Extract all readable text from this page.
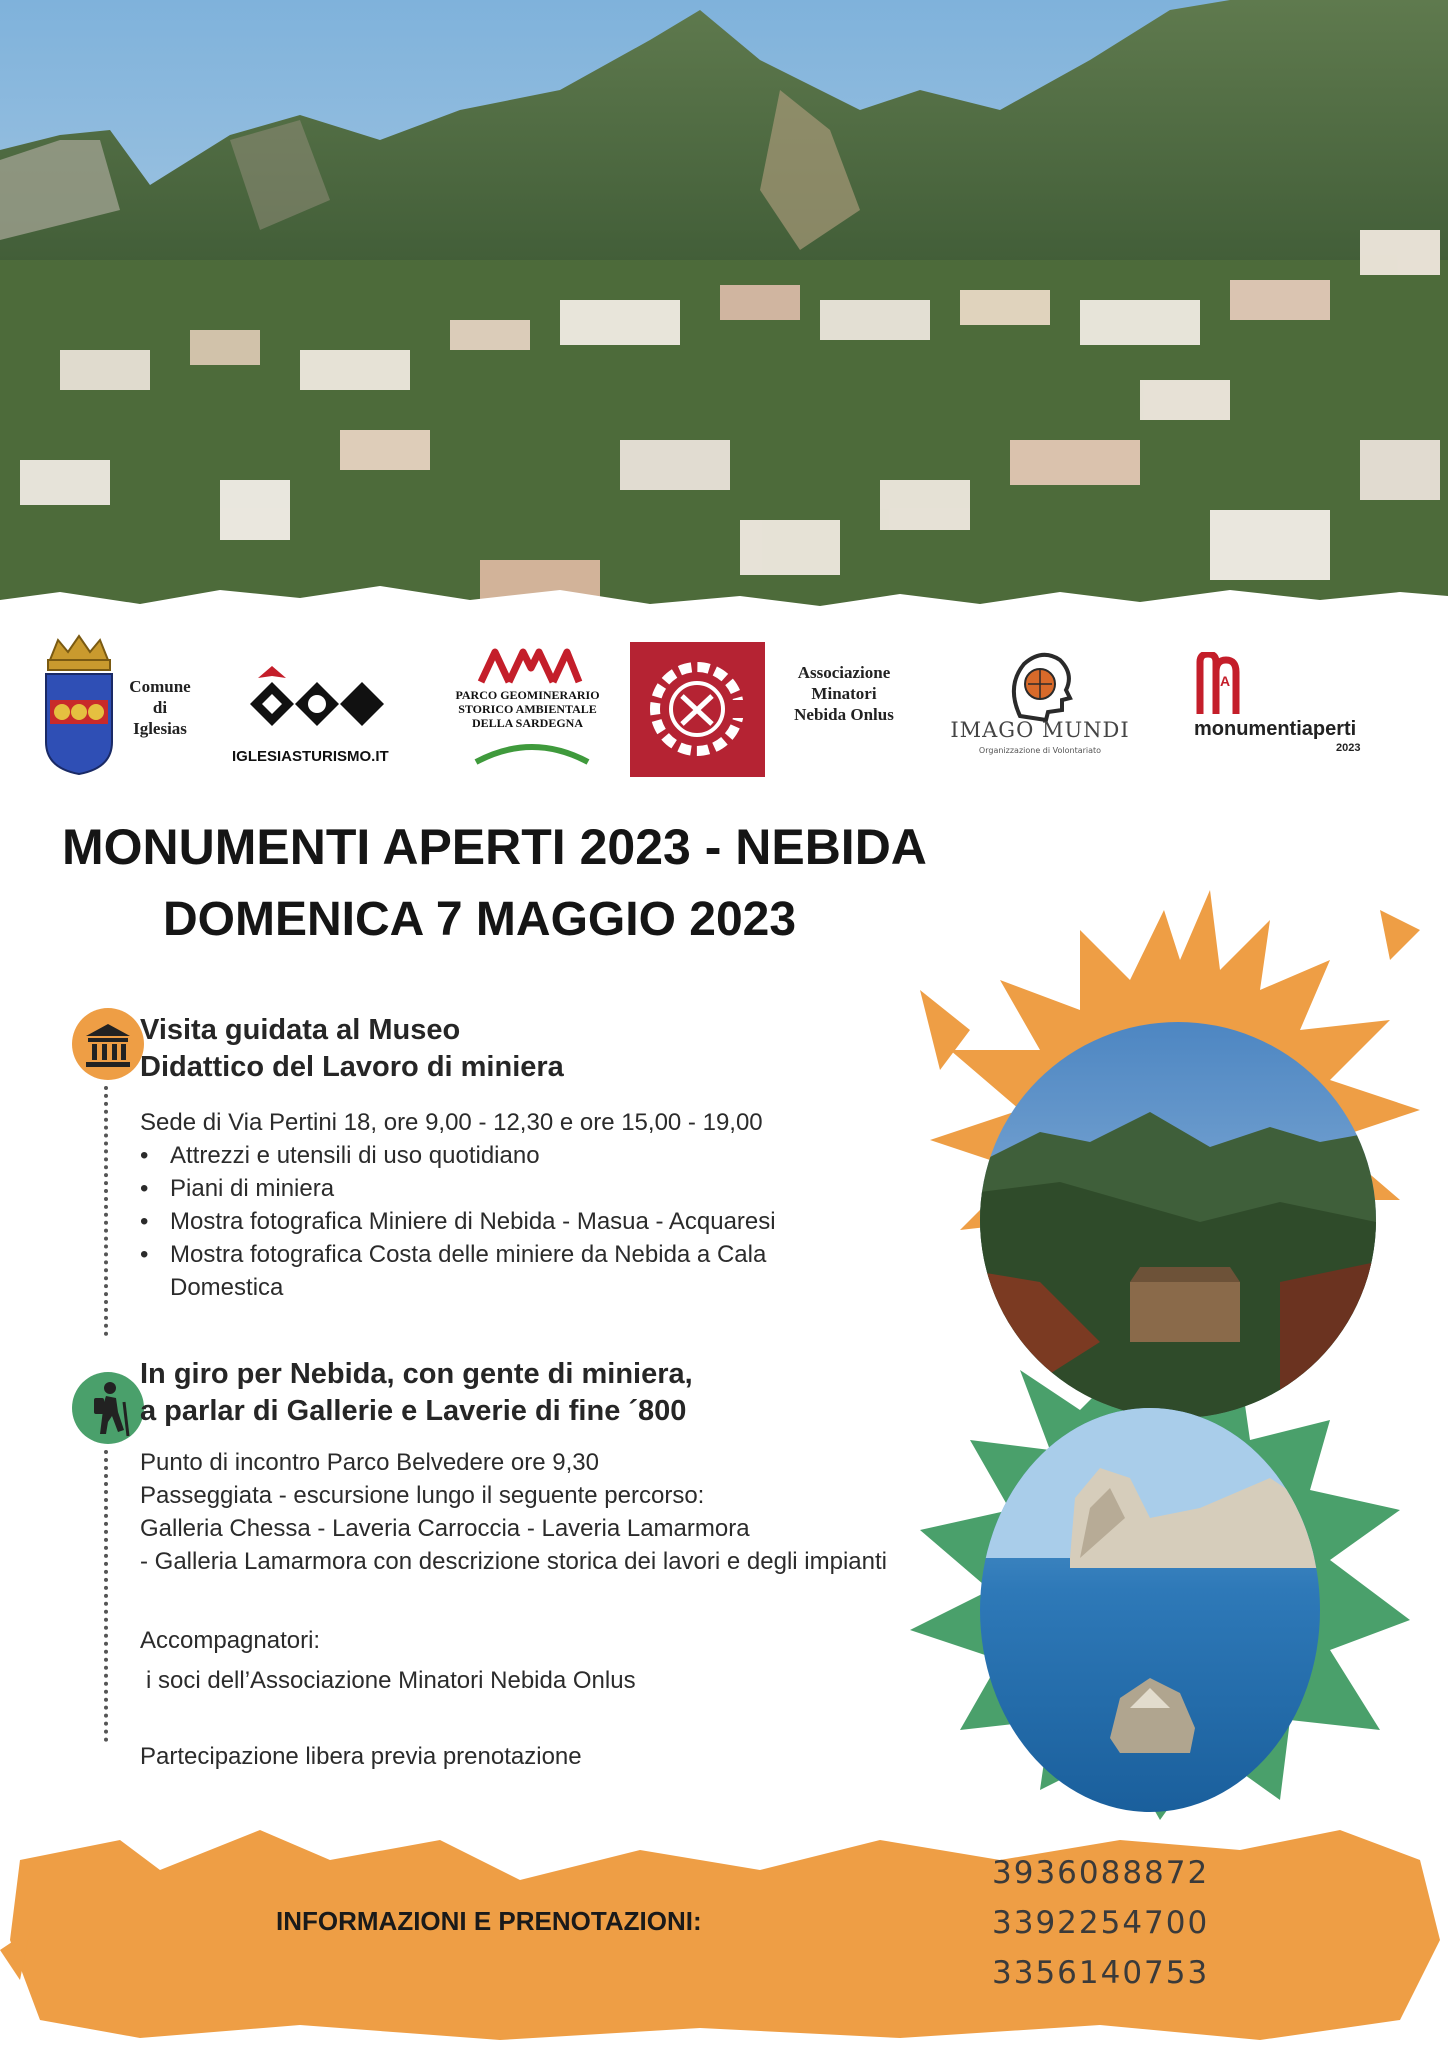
Comune
di
Iglesias
IGLESIASTURISMO.IT
PARCO GEOMINERARIO
STORICO AMBIENTALE
DELLA SARDEGNA
Associazione
Minatori
Nebida Onlus
IMAGO MUNDI
Organizzazione di Volontariato
A
monumentiaperti
2023
MONUMENTI APERTI 2023 - NEBIDA
DOMENICA 7 MAGGIO 2023
Visita guidata al Museo
Didattico del Lavoro di miniera
Sede di Via Pertini 18, ore 9,00 - 12,30 e ore 15,00 - 19,00
• Attrezzi e utensili di uso quotidiano
• Piani di miniera
• Mostra fotografica Miniere di Nebida - Masua - Acquaresi
• Mostra fotografica Costa delle miniere da Nebida a Cala Domestica
In giro per Nebida, con gente di miniera,
a parlar di Gallerie e Laverie di fine ´800
Punto di incontro Parco Belvedere ore 9,30
Passeggiata - escursione lungo il seguente percorso:
Galleria Chessa - Laveria Carroccia - Laveria Lamarmora
- Galleria Lamarmora con descrizione storica dei lavori e degli impianti
Accompagnatori:
i soci dell’Associazione Minatori Nebida Onlus
Partecipazione libera previa prenotazione
INFORMAZIONI E PRENOTAZIONI:
3936088872
3392254700
3356140753
